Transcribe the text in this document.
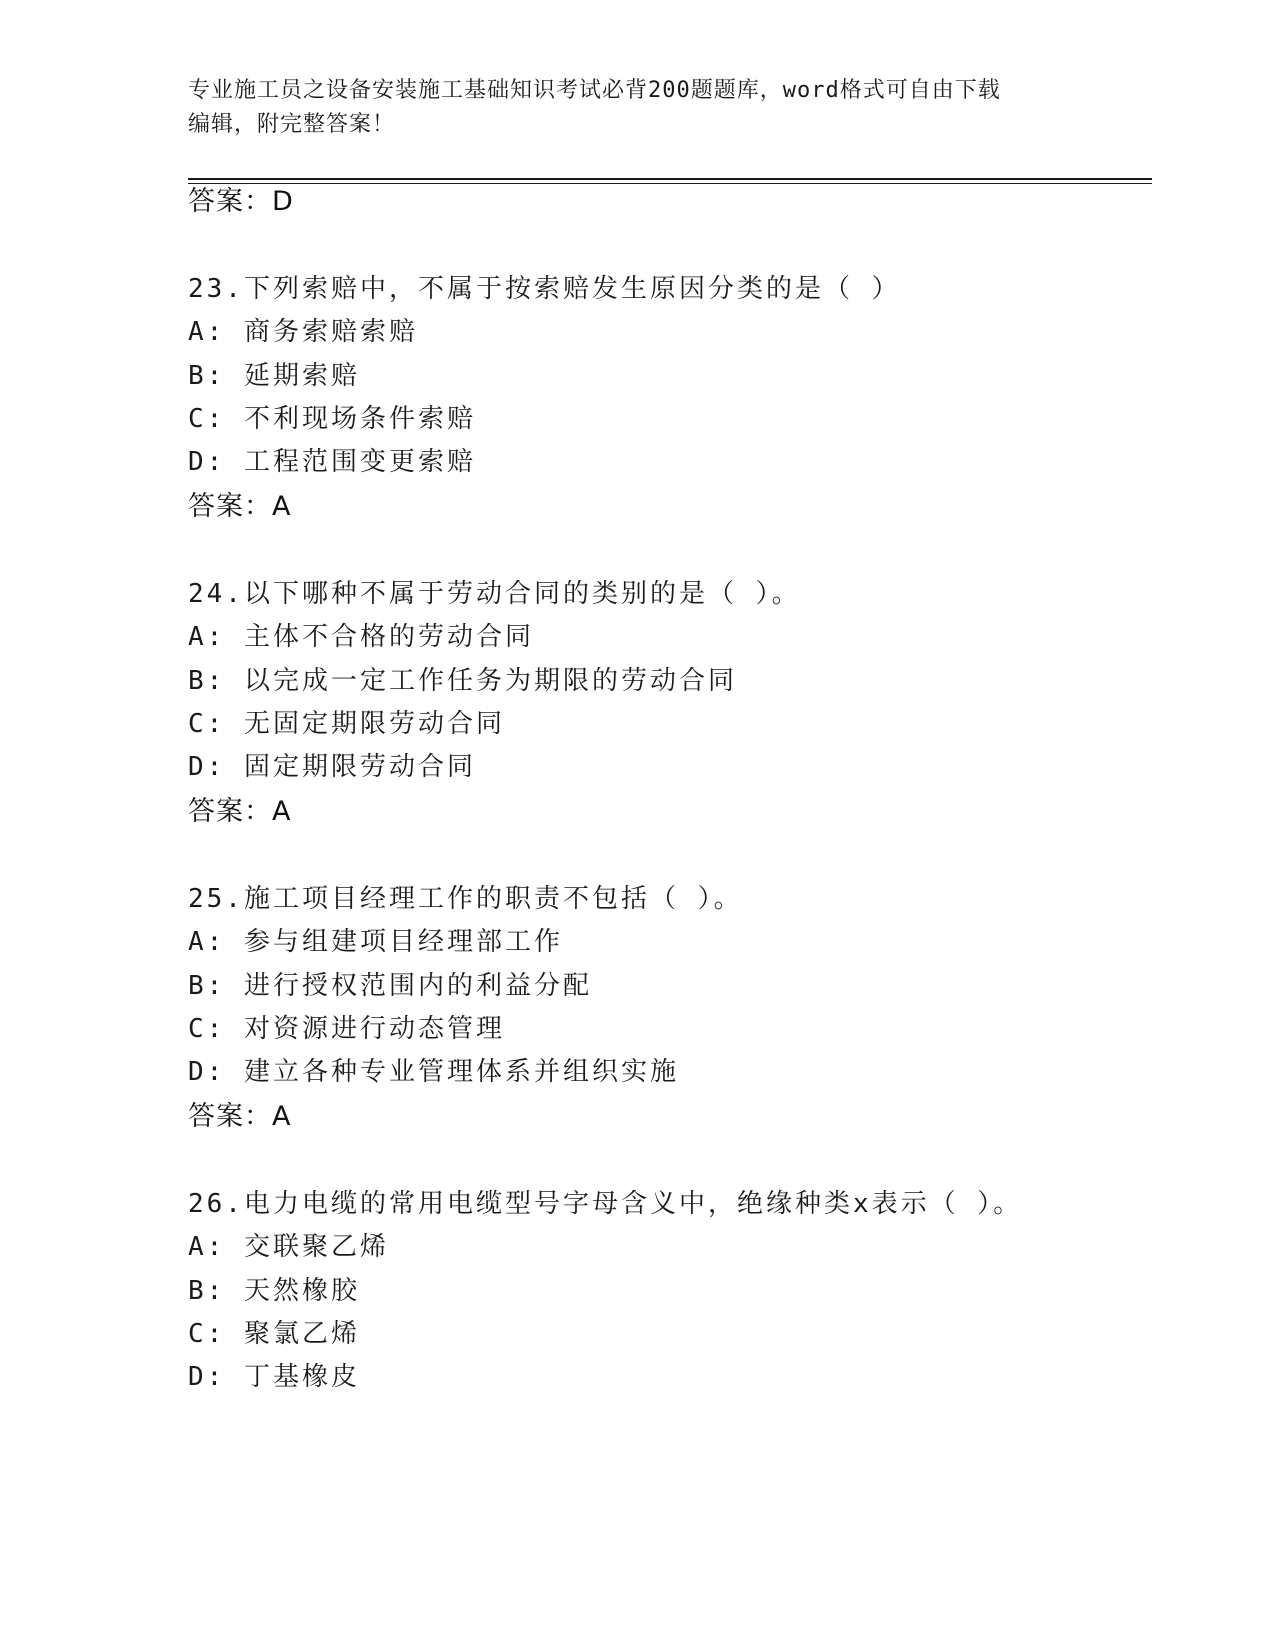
专业施工员之设备安装施工基础知识考试必背200题题库，word格式可自由下载
编辑，附完整答案！
答案：D
23.下列索赔中，不属于按索赔发生原因分类的是（ ）
A: 商务索赔索赔
B: 延期索赔
C: 不利现场条件索赔
D: 工程范围变更索赔
答案：A
24.以下哪种不属于劳动合同的类别的是（ ）。
A: 主体不合格的劳动合同
B: 以完成一定工作任务为期限的劳动合同
C: 无固定期限劳动合同
D: 固定期限劳动合同
答案：A
25.施工项目经理工作的职责不包括（ ）。
A: 参与组建项目经理部工作
B: 进行授权范围内的利益分配
C: 对资源进行动态管理
D: 建立各种专业管理体系并组织实施
答案：A
26.电力电缆的常用电缆型号字母含义中，绝缘种类x表示（ ）。
A: 交联聚乙烯
B: 天然橡胶
C: 聚氯乙烯
D: 丁基橡皮
